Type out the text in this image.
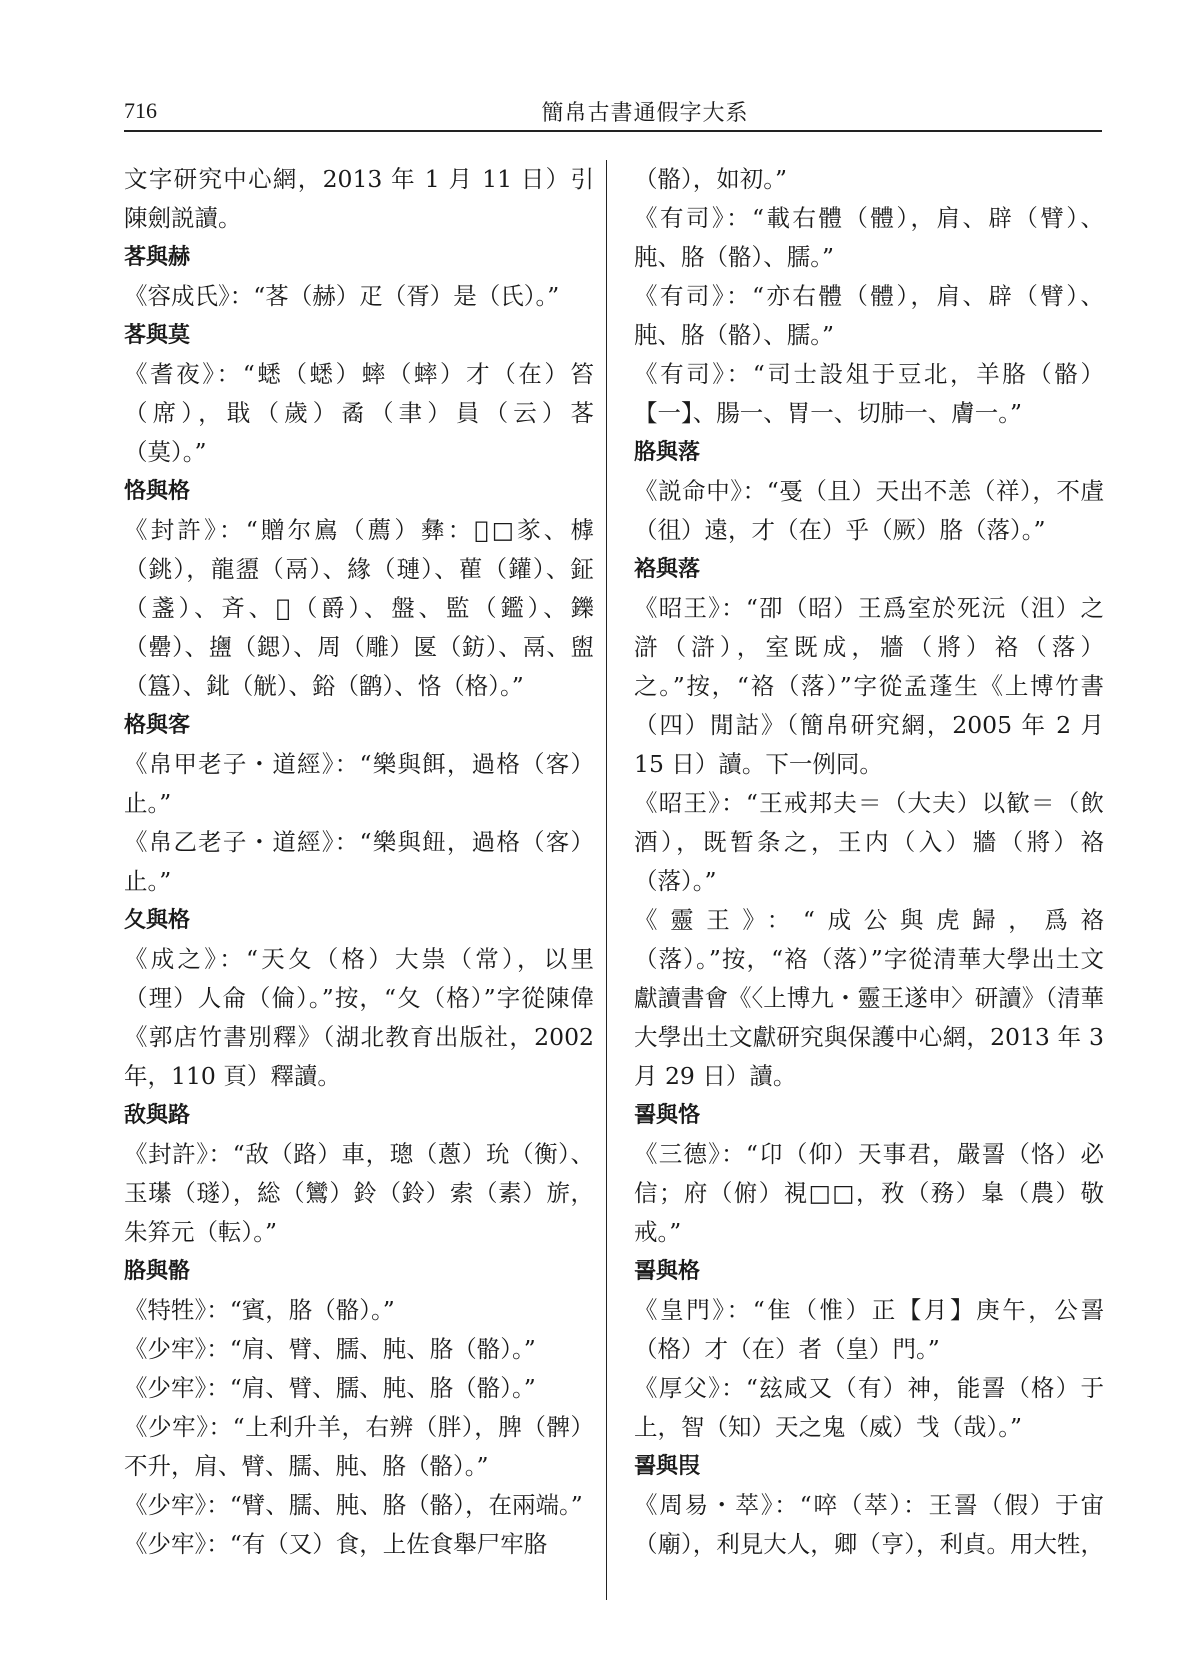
716	簡帛古書通假字大系
文字研究中心網，2013 年 1 月 11 日）引陳劍説讀。
茖與赫
《容成氏》：“茖（赫）疋（胥）是（氏）。”
茖與莫
《耆夜》：“蟋（蟋）蟀（蟀）才（在）笞（席），戢（歲）矞（聿）員（云）茖（莫）。”
恪與格
《封許》：“贈尔鳸（薦）彝：𠢄□㒸、㯉（銚），龍盨（鬲）、緣（璉）、雚（鑵）、鉦（盞）、斉、𢆶（爵）、盤、監（鑑）、鑠（罍）、䀋（鍶）、周（雕）匽（鈁）、鬲、盥（簋）、鉳（觥）、鋊（鹠）、恪（格）。”
格與客
《帛甲老子・道經》：“樂與餌，過格（客）止。”
《帛乙老子・道經》：“樂與𩚖，過格（客）止。”
夂與格
《成之》：“天夂（格）大祟（常），以里（理）人侖（倫）。”按，“夂（格）”字從陳偉《郭店竹書別釋》（湖北教育出版社，2002 年，110 頁）釋讀。
敌與路
《封許》：“敌（路）車，璁（蔥）玧（衡）、玉𤪌（璲），総（鸞）鈴（鈴）索（素）旂，朱笲元（転）。”
胳與骼
《特牲》：“賓，胳（骼）。”
《少牢》：“肩、臂、臑、肫、胳（骼）。”
《少牢》：“肩、臂、臑、肫、胳（骼）。”
《少牢》：“上利升羊，右辨（胖），脾（髀）不升，肩、臂、臑、肫、胳（骼）。”
《少牢》：“臂、臑、肫、胳（骼），在兩端。”
《少牢》：“有（又）食，上佐食舉尸牢胳
（骼），如初。”
《有司》：“載右體（體），肩、辟（臂）、肫、胳（骼）、臑。”
《有司》：“亦右體（體），肩、辟（臂）、肫、胳（骼）、臑。”
《有司》：“司士設俎于豆北，羊胳（骼）【一】、腸一、胃一、切肺一、膚一。”
胳與落
《説命中》：“戞（且）天出不恙（祥），不虘（徂）遠，才（在）乎（厥）胳（落）。”
袼與落
《昭王》：“卲（昭）王爲室於死沅（沮）之滸（滸），室既成，牆（將）袼（落）之。”按，“袼（落）”字從孟蓬生《上博竹書（四）閒詁》（簡帛研究網，2005 年 2 月 15 日）讀。下一例同。
《昭王》：“王戒邦夫＝（大夫）以歓＝（飲酒），既暂条之，王内（入）牆（將）袼（落）。”
《靈王》：“成公與虎歸，爲袼（落）。”按，“袼（落）”字從清華大學出土文獻讀書會《〈上博九・靈王遂申〉研讀》（清華大學出土文獻研究與保護中心網，2013 年 3 月 29 日）讀。
䛐與恪
《三德》：“卬（仰）天事君，嚴䛐（恪）必信；府（俯）視□□，敄（務）𦤎（農）敬戒。”
䛐與格
《皇門》：“隹（惟）正【月】庚午，公䛐（格）才（在）者（皇）門。”
《厚父》：“玆咸又（有）神，能䛐（格）于上，智（知）天之鬼（威）𢦏（哉）。”
䛐與叚
《周易・萃》：“啐（萃）：王䛐（假）于宙（廟），利見大人，卿（亨），利貞。用大牲，
